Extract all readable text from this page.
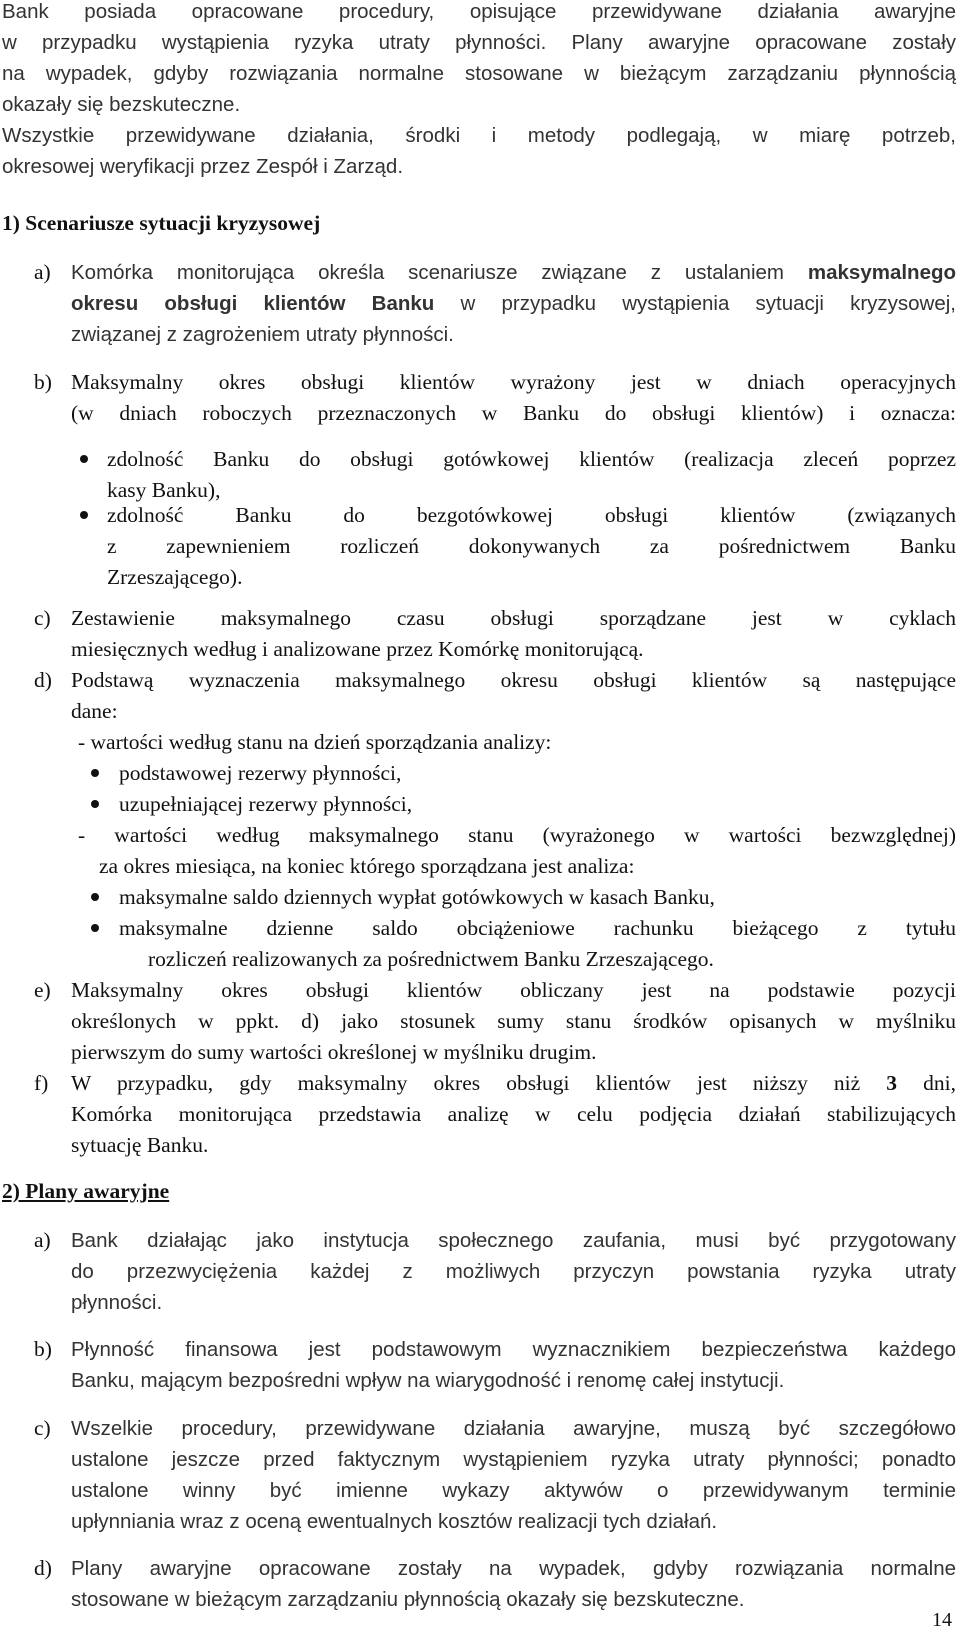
Bank posiada opracowane procedury, opisujące przewidywane działania awaryjne
w przypadku wystąpienia ryzyka utraty płynności. Plany awaryjne opracowane zostały
na wypadek, gdyby rozwiązania normalne stosowane w bieżącym zarządzaniu płynnością
okazały się bezskuteczne.
Wszystkie przewidywane działania, środki i metody podlegają, w miarę potrzeb,
okresowej weryfikacji przez Zespół i Zarząd.
1) Scenariusze sytuacji kryzysowej
a) Komórka monitorująca określa scenariusze związane z ustalaniem maksymalnego
okresu obsługi klientów Banku w przypadku wystąpienia sytuacji kryzysowej,
związanej z zagrożeniem utraty płynności.
b) Maksymalny okres obsługi klientów wyrażony jest w dniach operacyjnych
(w dniach roboczych przeznaczonych w Banku do obsługi klientów) i oznacza:
zdolność Banku do obsługi gotówkowej klientów (realizacja zleceń poprzez
kasy Banku),
zdolność Banku do bezgotówkowej obsługi klientów (związanych
z zapewnieniem rozliczeń dokonywanych za pośrednictwem Banku
Zrzeszającego).
c) Zestawienie maksymalnego czasu obsługi sporządzane jest w cyklach
miesięcznych według i analizowane przez Komórkę monitorującą.
d) Podstawą wyznaczenia maksymalnego okresu obsługi klientów są następujące
dane:
- wartości według stanu na dzień sporządzania analizy:
podstawowej rezerwy płynności,
uzupełniającej rezerwy płynności,
- wartości według maksymalnego stanu (wyrażonego w wartości bezwzględnej)
za okres miesiąca, na koniec którego sporządzana jest analiza:
maksymalne saldo dziennych wypłat gotówkowych w kasach Banku,
maksymalne dzienne saldo obciążeniowe rachunku bieżącego z tytułu
rozliczeń realizowanych za pośrednictwem Banku Zrzeszającego.
e) Maksymalny okres obsługi klientów obliczany jest na podstawie pozycji
określonych w ppkt. d) jako stosunek sumy stanu środków opisanych w myślniku
pierwszym do sumy wartości określonej w myślniku drugim.
f) W przypadku, gdy maksymalny okres obsługi klientów jest niższy niż 3 dni,
Komórka monitorująca przedstawia analizę w celu podjęcia działań stabilizujących
sytuację Banku.
2) Plany awaryjne
a) Bank działając jako instytucja społecznego zaufania, musi być przygotowany
do przezwyciężenia każdej z możliwych przyczyn powstania ryzyka utraty
płynności.
b) Płynność finansowa jest podstawowym wyznacznikiem bezpieczeństwa każdego
Banku, mającym bezpośredni wpływ na wiarygodność i renomę całej instytucji.
c) Wszelkie procedury, przewidywane działania awaryjne, muszą być szczegółowo
ustalone jeszcze przed faktycznym wystąpieniem ryzyka utraty płynności; ponadto
ustalone winny być imienne wykazy aktywów o przewidywanym terminie
upłynniania wraz z oceną ewentualnych kosztów realizacji tych działań.
d) Plany awaryjne opracowane zostały na wypadek, gdyby rozwiązania normalne
stosowane w bieżącym zarządzaniu płynnością okazały się bezskuteczne.
14
